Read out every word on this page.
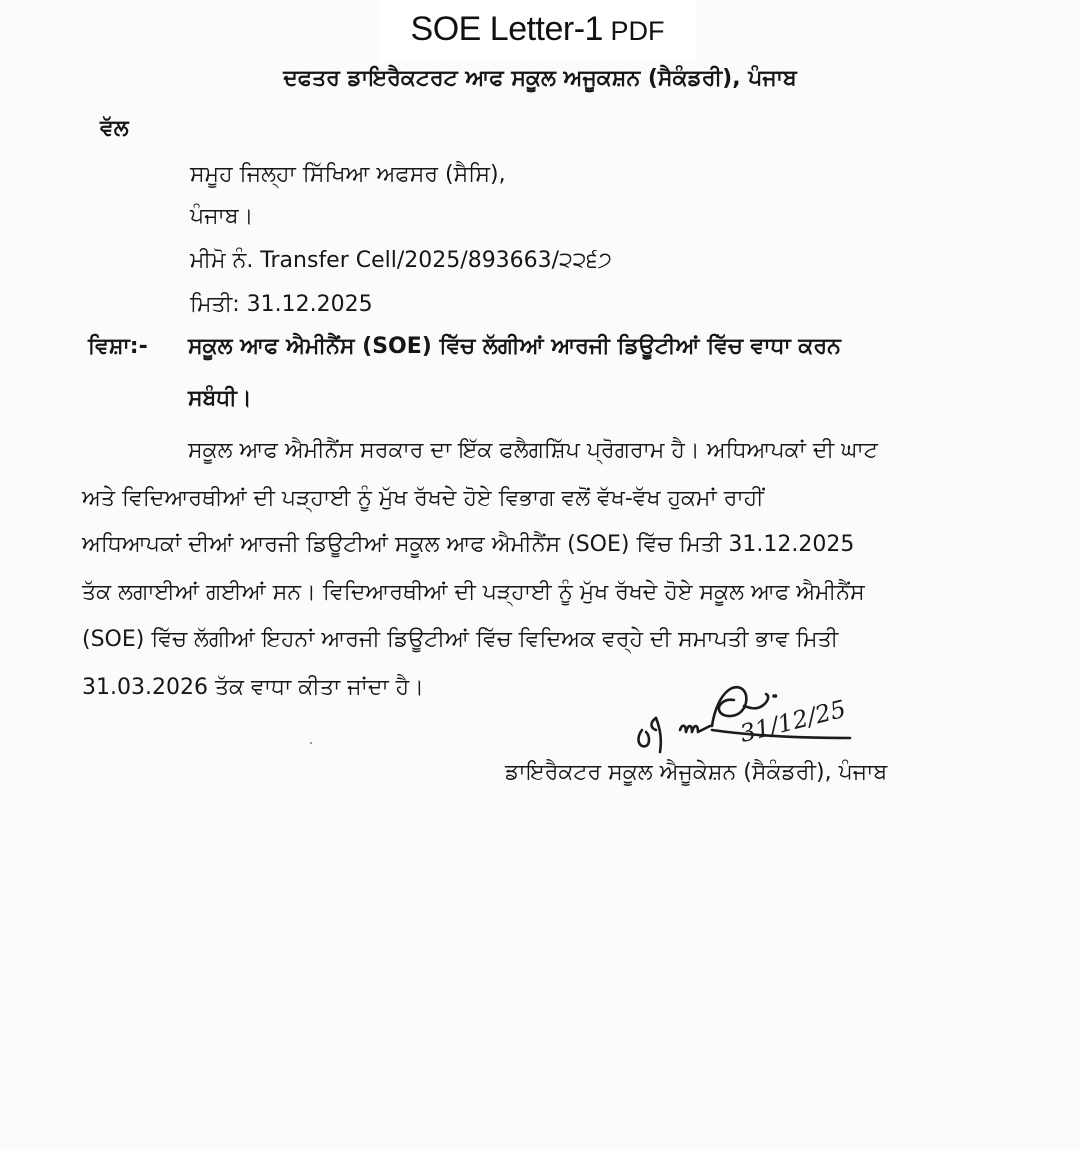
SOE Letter-1 PDF
ਦਫਤਰ ਡਾਇਰੈਕਟਰਟ ਆਫ ਸਕੂਲ ਅਜੂਕਸ਼ਨ (ਸੈਕੰਡਰੀ), ਪੰਜਾਬ
ਵੱਲ
ਸਮੂਹ ਜਿਲ੍ਹਾ ਸਿੱਖਿਆ ਅਫਸਰ (ਸੈਸਿ),
ਪੰਜਾਬ।
ਮੀਮੋ ਨੰ. Transfer Cell/2025/893663/੨੨੬੭
ਮਿਤੀ: 31.12.2025
ਵਿਸ਼ਾ:- ਸਕੂਲ ਆਫ ਐਮੀਨੈਂਸ (SOE) ਵਿੱਚ ਲੱਗੀਆਂ ਆਰਜੀ ਡਿਊਟੀਆਂ ਵਿੱਚ ਵਾਧਾ ਕਰਨ
ਸਬੰਧੀ।
ਸਕੂਲ ਆਫ ਐਮੀਨੈਂਸ ਸਰਕਾਰ ਦਾ ਇੱਕ ਫਲੈਗਸ਼ਿੱਪ ਪ੍ਰੋਗਰਾਮ ਹੈ। ਅਧਿਆਪਕਾਂ ਦੀ ਘਾਟ
ਅਤੇ ਵਿਦਿਆਰਥੀਆਂ ਦੀ ਪੜ੍ਹਾਈ ਨੂੰ ਮੁੱਖ ਰੱਖਦੇ ਹੋਏ ਵਿਭਾਗ ਵਲੋਂ ਵੱਖ-ਵੱਖ ਹੁਕਮਾਂ ਰਾਹੀਂ
ਅਧਿਆਪਕਾਂ ਦੀਆਂ ਆਰਜੀ ਡਿਊਟੀਆਂ ਸਕੂਲ ਆਫ ਐਮੀਨੈਂਸ (SOE) ਵਿੱਚ ਮਿਤੀ 31.12.2025
ਤੱਕ ਲਗਾਈਆਂ ਗਈਆਂ ਸਨ। ਵਿਦਿਆਰਥੀਆਂ ਦੀ ਪੜ੍ਹਾਈ ਨੂੰ ਮੁੱਖ ਰੱਖਦੇ ਹੋਏ ਸਕੂਲ ਆਫ ਐਮੀਨੈਂਸ
(SOE) ਵਿੱਚ ਲੱਗੀਆਂ ਇਹਨਾਂ ਆਰਜੀ ਡਿਊਟੀਆਂ ਵਿੱਚ ਵਿਦਿਅਕ ਵਰ੍ਹੇ ਦੀ ਸਮਾਪਤੀ ਭਾਵ ਮਿਤੀ
31.03.2026 ਤੱਕ ਵਾਧਾ ਕੀਤਾ ਜਾਂਦਾ ਹੈ।
31/12/25
ਡਾਇਰੈਕਟਰ ਸਕੂਲ ਐਜੂਕੇਸ਼ਨ (ਸੈਕੰਡਰੀ), ਪੰਜਾਬ
